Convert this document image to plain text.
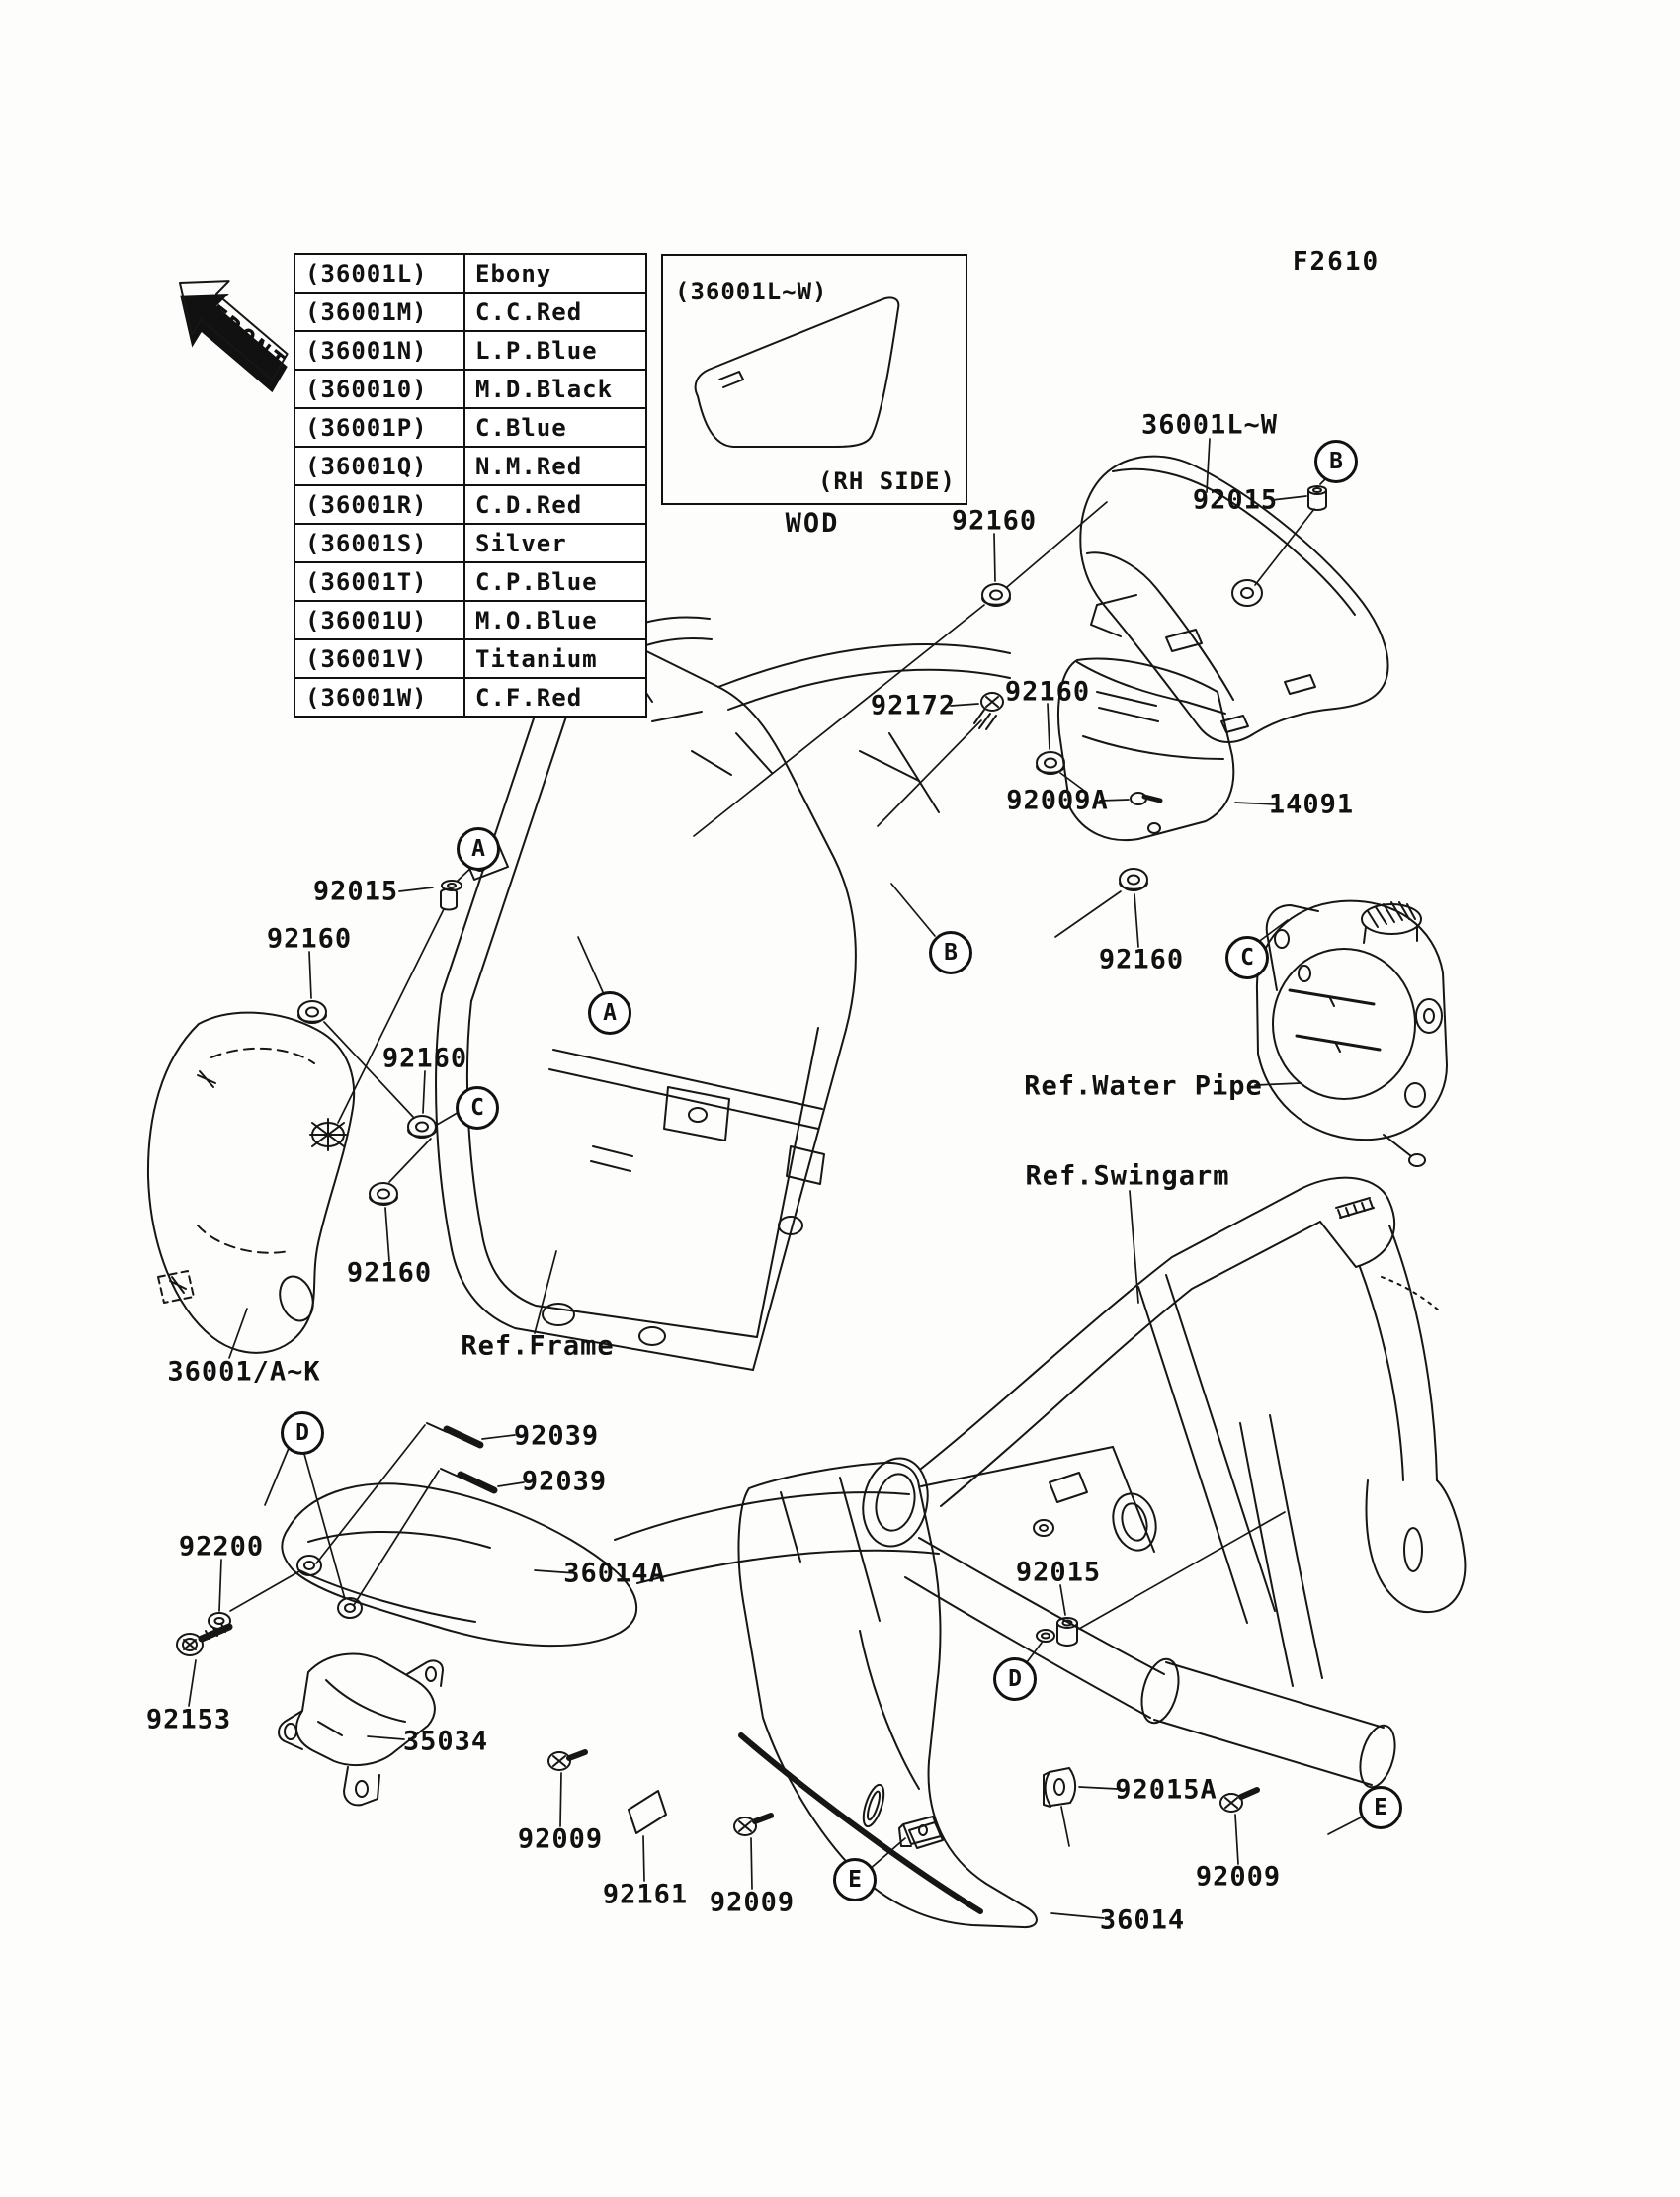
FRONT
F2610
(36001L)	Ebony
(36001M)	C.C.Red
(36001N)	L.P.Blue
(360010)	M.D.Black
(36001P)	C.Blue
(36001Q)	N.M.Red
(36001R)	C.D.Red
(36001S)	Silver
(36001T)	C.P.Blue
(36001U)	M.O.Blue
(36001V)	Titanium
(36001W)	C.F.Red
(36001L~W)
(RH SIDE)
WOD
36001L~W
92015
92160
92172 92160
92009A	14091
92015
92160
92160
92160
Ref.Water Pipe
Ref.Swingarm
92160
Ref.Frame
36001/A~K
92039
92039
92200
36014A
92153
35034
92009
92161 92009
92015
92015A
92009
36014
A
A
B
B
C
C
D
D
E
E
